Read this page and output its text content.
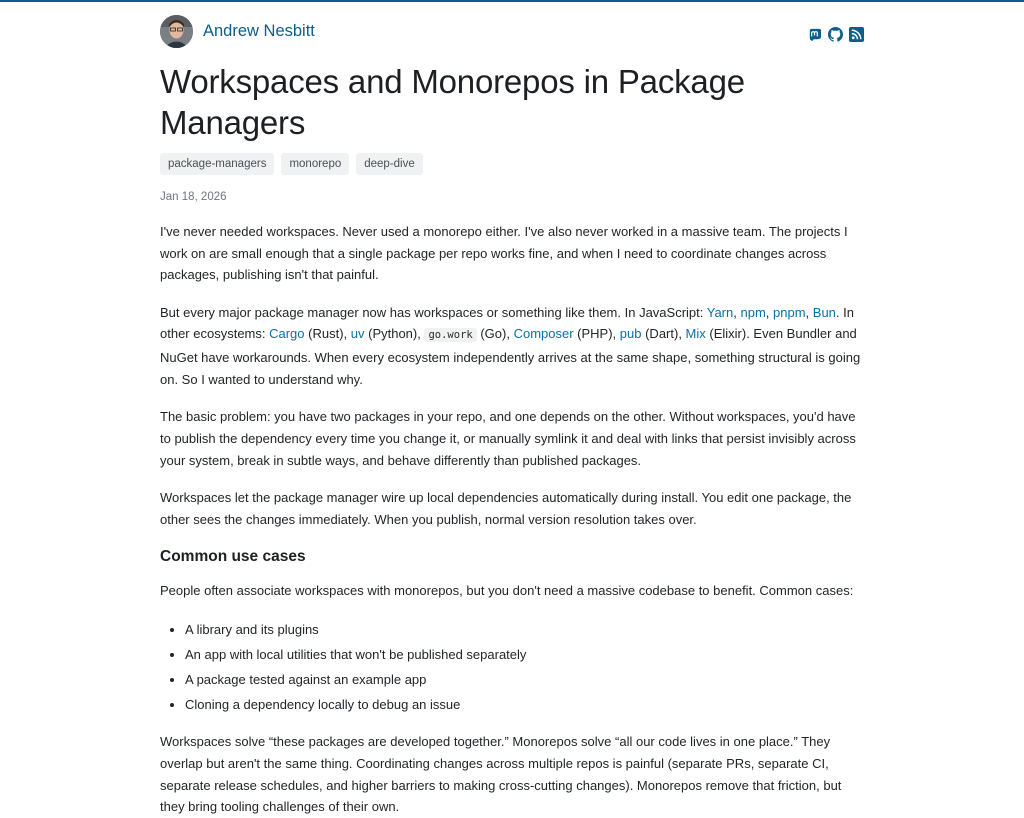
Andrew Nesbitt
Workspaces and Monorepos in Package Managers
package-managers	monorepo	deep-dive
Jan 18, 2026

I've never needed workspaces. Never used a monorepo either. I've also never worked in a massive team. The projects I work on are small enough that a single package per repo works fine, and when I need to coordinate changes across packages, publishing isn't that painful.

But every major package manager now has workspaces or something like them. In JavaScript: Yarn, npm, pnpm, Bun. In other ecosystems: Cargo (Rust), uv (Python), go.work (Go), Composer (PHP), pub (Dart), Mix (Elixir). Even Bundler and NuGet have workarounds. When every ecosystem independently arrives at the same shape, something structural is going on. So I wanted to understand why.

The basic problem: you have two packages in your repo, and one depends on the other. Without workspaces, you'd have to publish the dependency every time you change it, or manually symlink it and deal with links that persist invisibly across your system, break in subtle ways, and behave differently than published packages.

Workspaces let the package manager wire up local dependencies automatically during install. You edit one package, the other sees the changes immediately. When you publish, normal version resolution takes over.

Common use cases

People often associate workspaces with monorepos, but you don't need a massive codebase to benefit. Common cases:

• A library and its plugins
• An app with local utilities that won't be published separately
• A package tested against an example app
• Cloning a dependency locally to debug an issue

Workspaces solve “these packages are developed together.” Monorepos solve “all our code lives in one place.” They overlap but aren't the same thing. Coordinating changes across multiple repos is painful (separate PRs, separate CI, separate release schedules, and higher barriers to making cross-cutting changes). Monorepos remove that friction, but they bring tooling challenges of their own.
